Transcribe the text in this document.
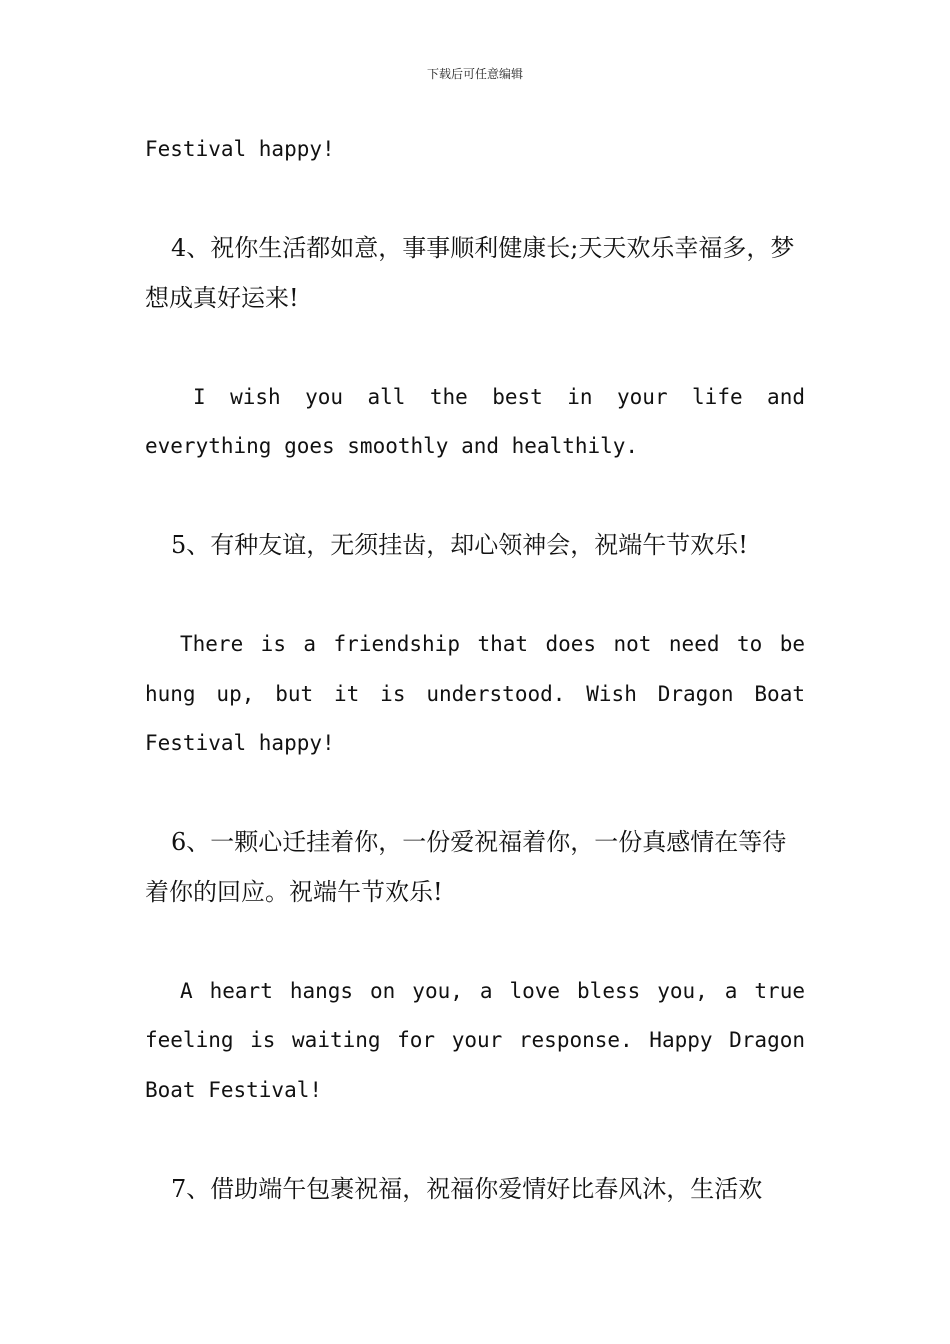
下载后可任意编辑

Festival happy!

4、祝你生活都如意，事事顺利健康长;天天欢乐幸福多，梦想成真好运来!

I wish you all the best in your life and everything goes smoothly and healthily.

5、有种友谊，无须挂齿，却心领神会，祝端午节欢乐!

There is a friendship that does not need to be hung up, but it is understood. Wish Dragon Boat Festival happy!

6、一颗心迁挂着你，一份爱祝福着你，一份真感情在等待着你的回应。祝端午节欢乐!

A heart hangs on you, a love bless you, a true feeling is waiting for your response. Happy Dragon Boat Festival!

7、借助端午包裹祝福，祝福你爱情好比春风沐，生活欢
